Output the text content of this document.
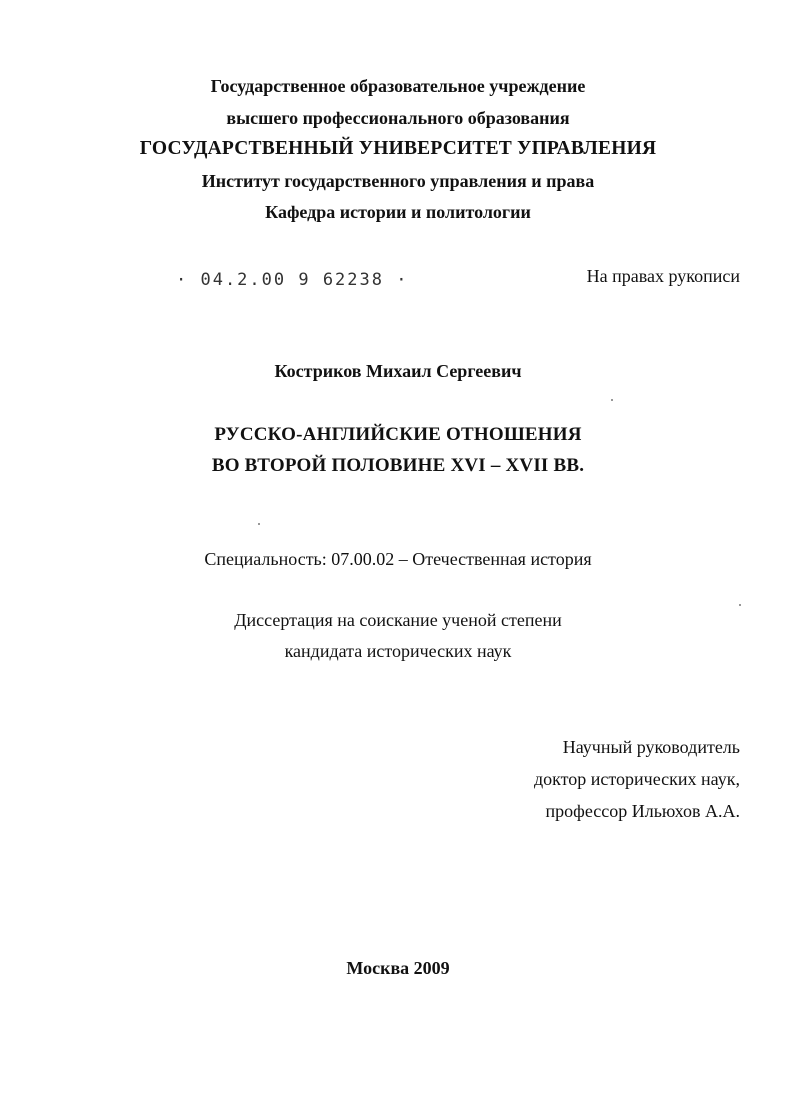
Государственное образовательное учреждение
высшего профессионального образования
ГОСУДАРСТВЕННЫЙ УНИВЕРСИТЕТ УПРАВЛЕНИЯ
Институт государственного управления и права
Кафедра истории и политологии
· 04.2.00 9 62238 ·	На правах рукописи
Костриков Михаил Сергеевич
РУССКО-АНГЛИЙСКИЕ ОТНОШЕНИЯ
ВО ВТОРОЙ ПОЛОВИНЕ XVI – XVII ВВ.
Специальность: 07.00.02 – Отечественная история
Диссертация на соискание ученой степени
кандидата исторических наук
Научный руководитель
доктор исторических наук,
профессор Ильюхов А.А.
Москва 2009
